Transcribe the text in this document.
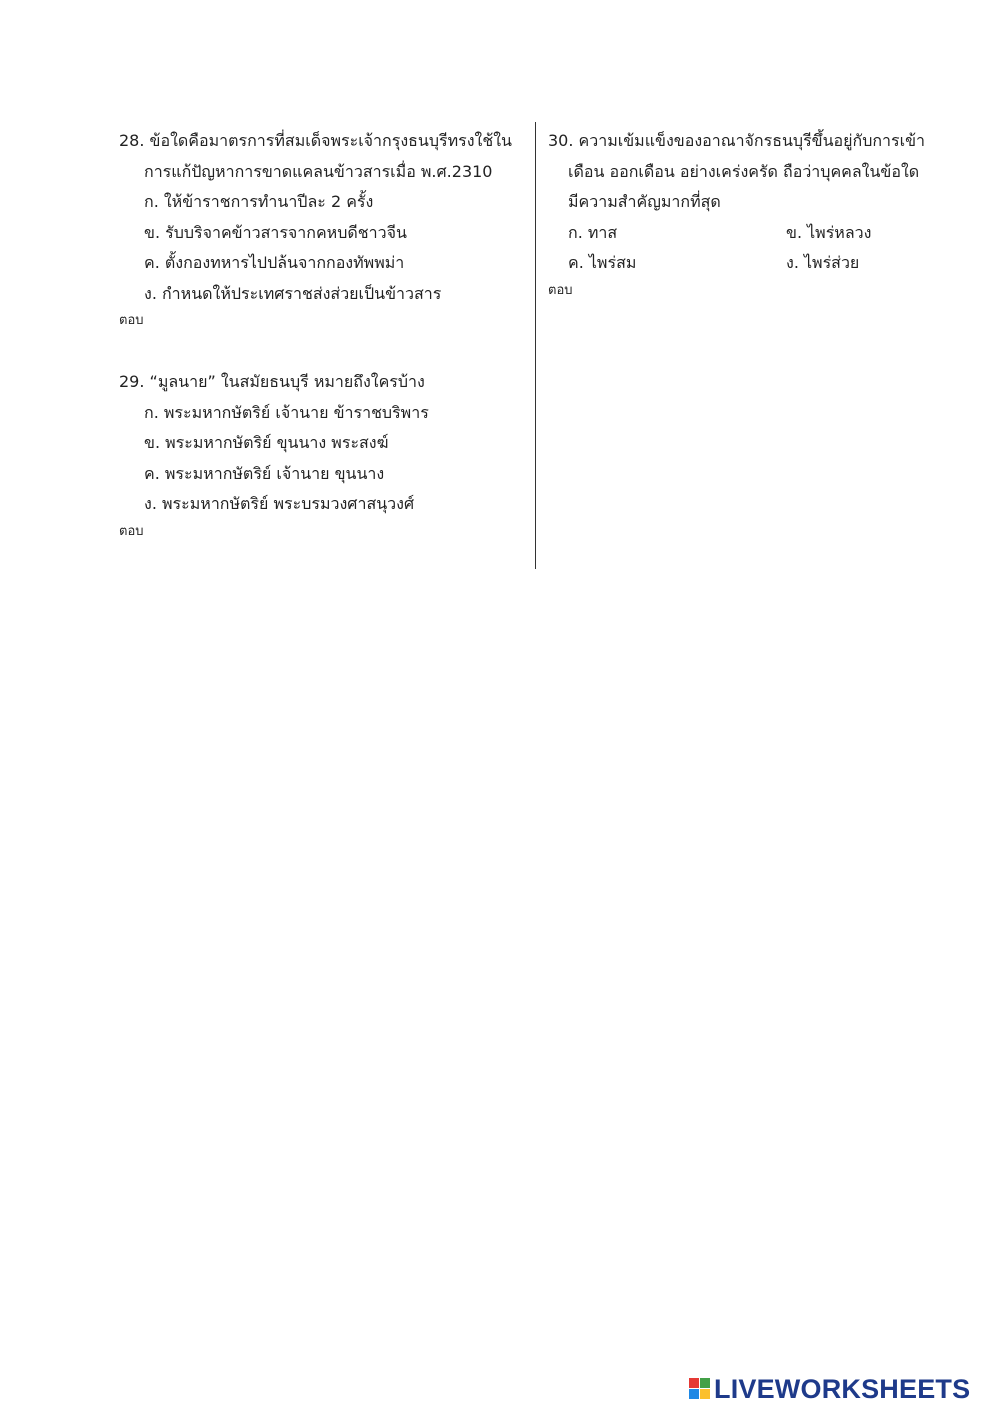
28. ข้อใดคือมาตรการที่สมเด็จพระเจ้ากรุงธนบุรีทรงใช้ใน

การแก้ปัญหาการขาดแคลนข้าวสารเมื่อ พ.ศ.2310

ก. ให้ข้าราชการทำนาปีละ 2 ครั้ง

ข. รับบริจาคข้าวสารจากคหบดีชาวจีน

ค. ตั้งกองทหารไปปล้นจากกองทัพพม่า

ง. กำหนดให้ประเทศราชส่งส่วยเป็นข้าวสาร

ตอบ

29. “มูลนาย” ในสมัยธนบุรี หมายถึงใครบ้าง

ก. พระมหากษัตริย์ เจ้านาย ข้าราชบริพาร

ข. พระมหากษัตริย์ ขุนนาง พระสงฆ์

ค. พระมหากษัตริย์ เจ้านาย ขุนนาง

ง. พระมหากษัตริย์ พระบรมวงศาสนุวงศ์

ตอบ

30. ความเข้มแข็งของอาณาจักรธนบุรีขึ้นอยู่กับการเข้า

เดือน ออกเดือน อย่างเคร่งครัด ถือว่าบุคคลในข้อใด

มีความสำคัญมากที่สุด

ก. ทาส	ข. ไพร่หลวง
ค. ไพร่สม	ง. ไพร่ส่วย
ตอบ
LIVEWORKSHEETS
